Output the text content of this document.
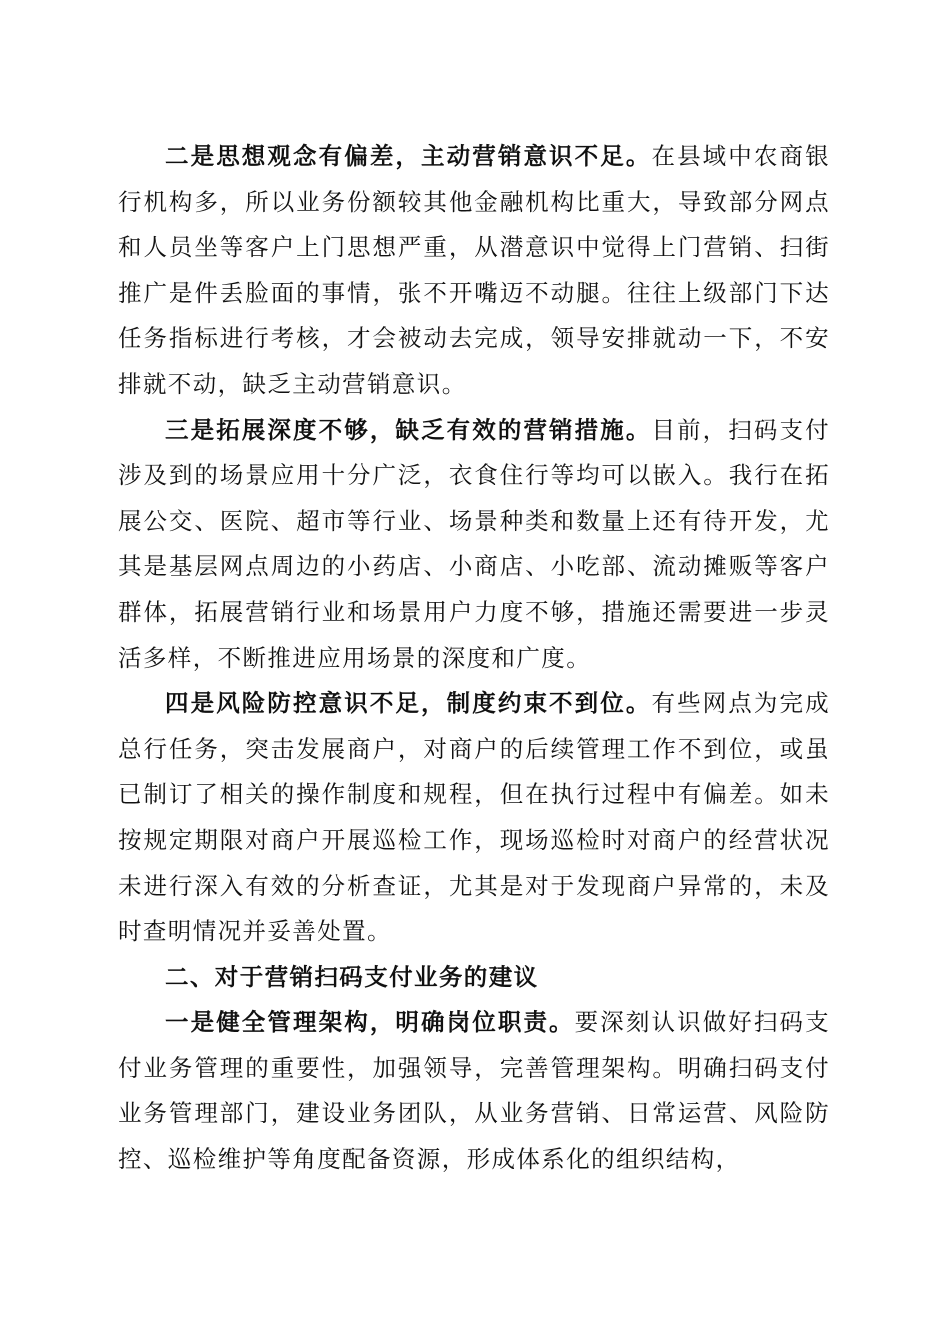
二是思想观念有偏差，主动营销意识不足。在县域中农商银行机构多，所以业务份额较其他金融机构比重大，导致部分网点和人员坐等客户上门思想严重，从潜意识中觉得上门营销、扫街推广是件丢脸面的事情，张不开嘴迈不动腿。往往上级部门下达任务指标进行考核，才会被动去完成，领导安排就动一下，不安排就不动，缺乏主动营销意识。

三是拓展深度不够，缺乏有效的营销措施。目前，扫码支付涉及到的场景应用十分广泛，衣食住行等均可以嵌入。我行在拓展公交、医院、超市等行业、场景种类和数量上还有待开发，尤其是基层网点周边的小药店、小商店、小吃部、流动摊贩等客户群体，拓展营销行业和场景用户力度不够，措施还需要进一步灵活多样，不断推进应用场景的深度和广度。

四是风险防控意识不足，制度约束不到位。有些网点为完成总行任务，突击发展商户，对商户的后续管理工作不到位，或虽已制订了相关的操作制度和规程，但在执行过程中有偏差。如未按规定期限对商户开展巡检工作，现场巡检时对商户的经营状况未进行深入有效的分析查证，尤其是对于发现商户异常的，未及时查明情况并妥善处置。

二、对于营销扫码支付业务的建议

一是健全管理架构，明确岗位职责。要深刻认识做好扫码支付业务管理的重要性，加强领导，完善管理架构。明确扫码支付业务管理部门，建设业务团队，从业务营销、日常运营、风险防控、巡检维护等角度配备资源，形成体系化的组织结构，
